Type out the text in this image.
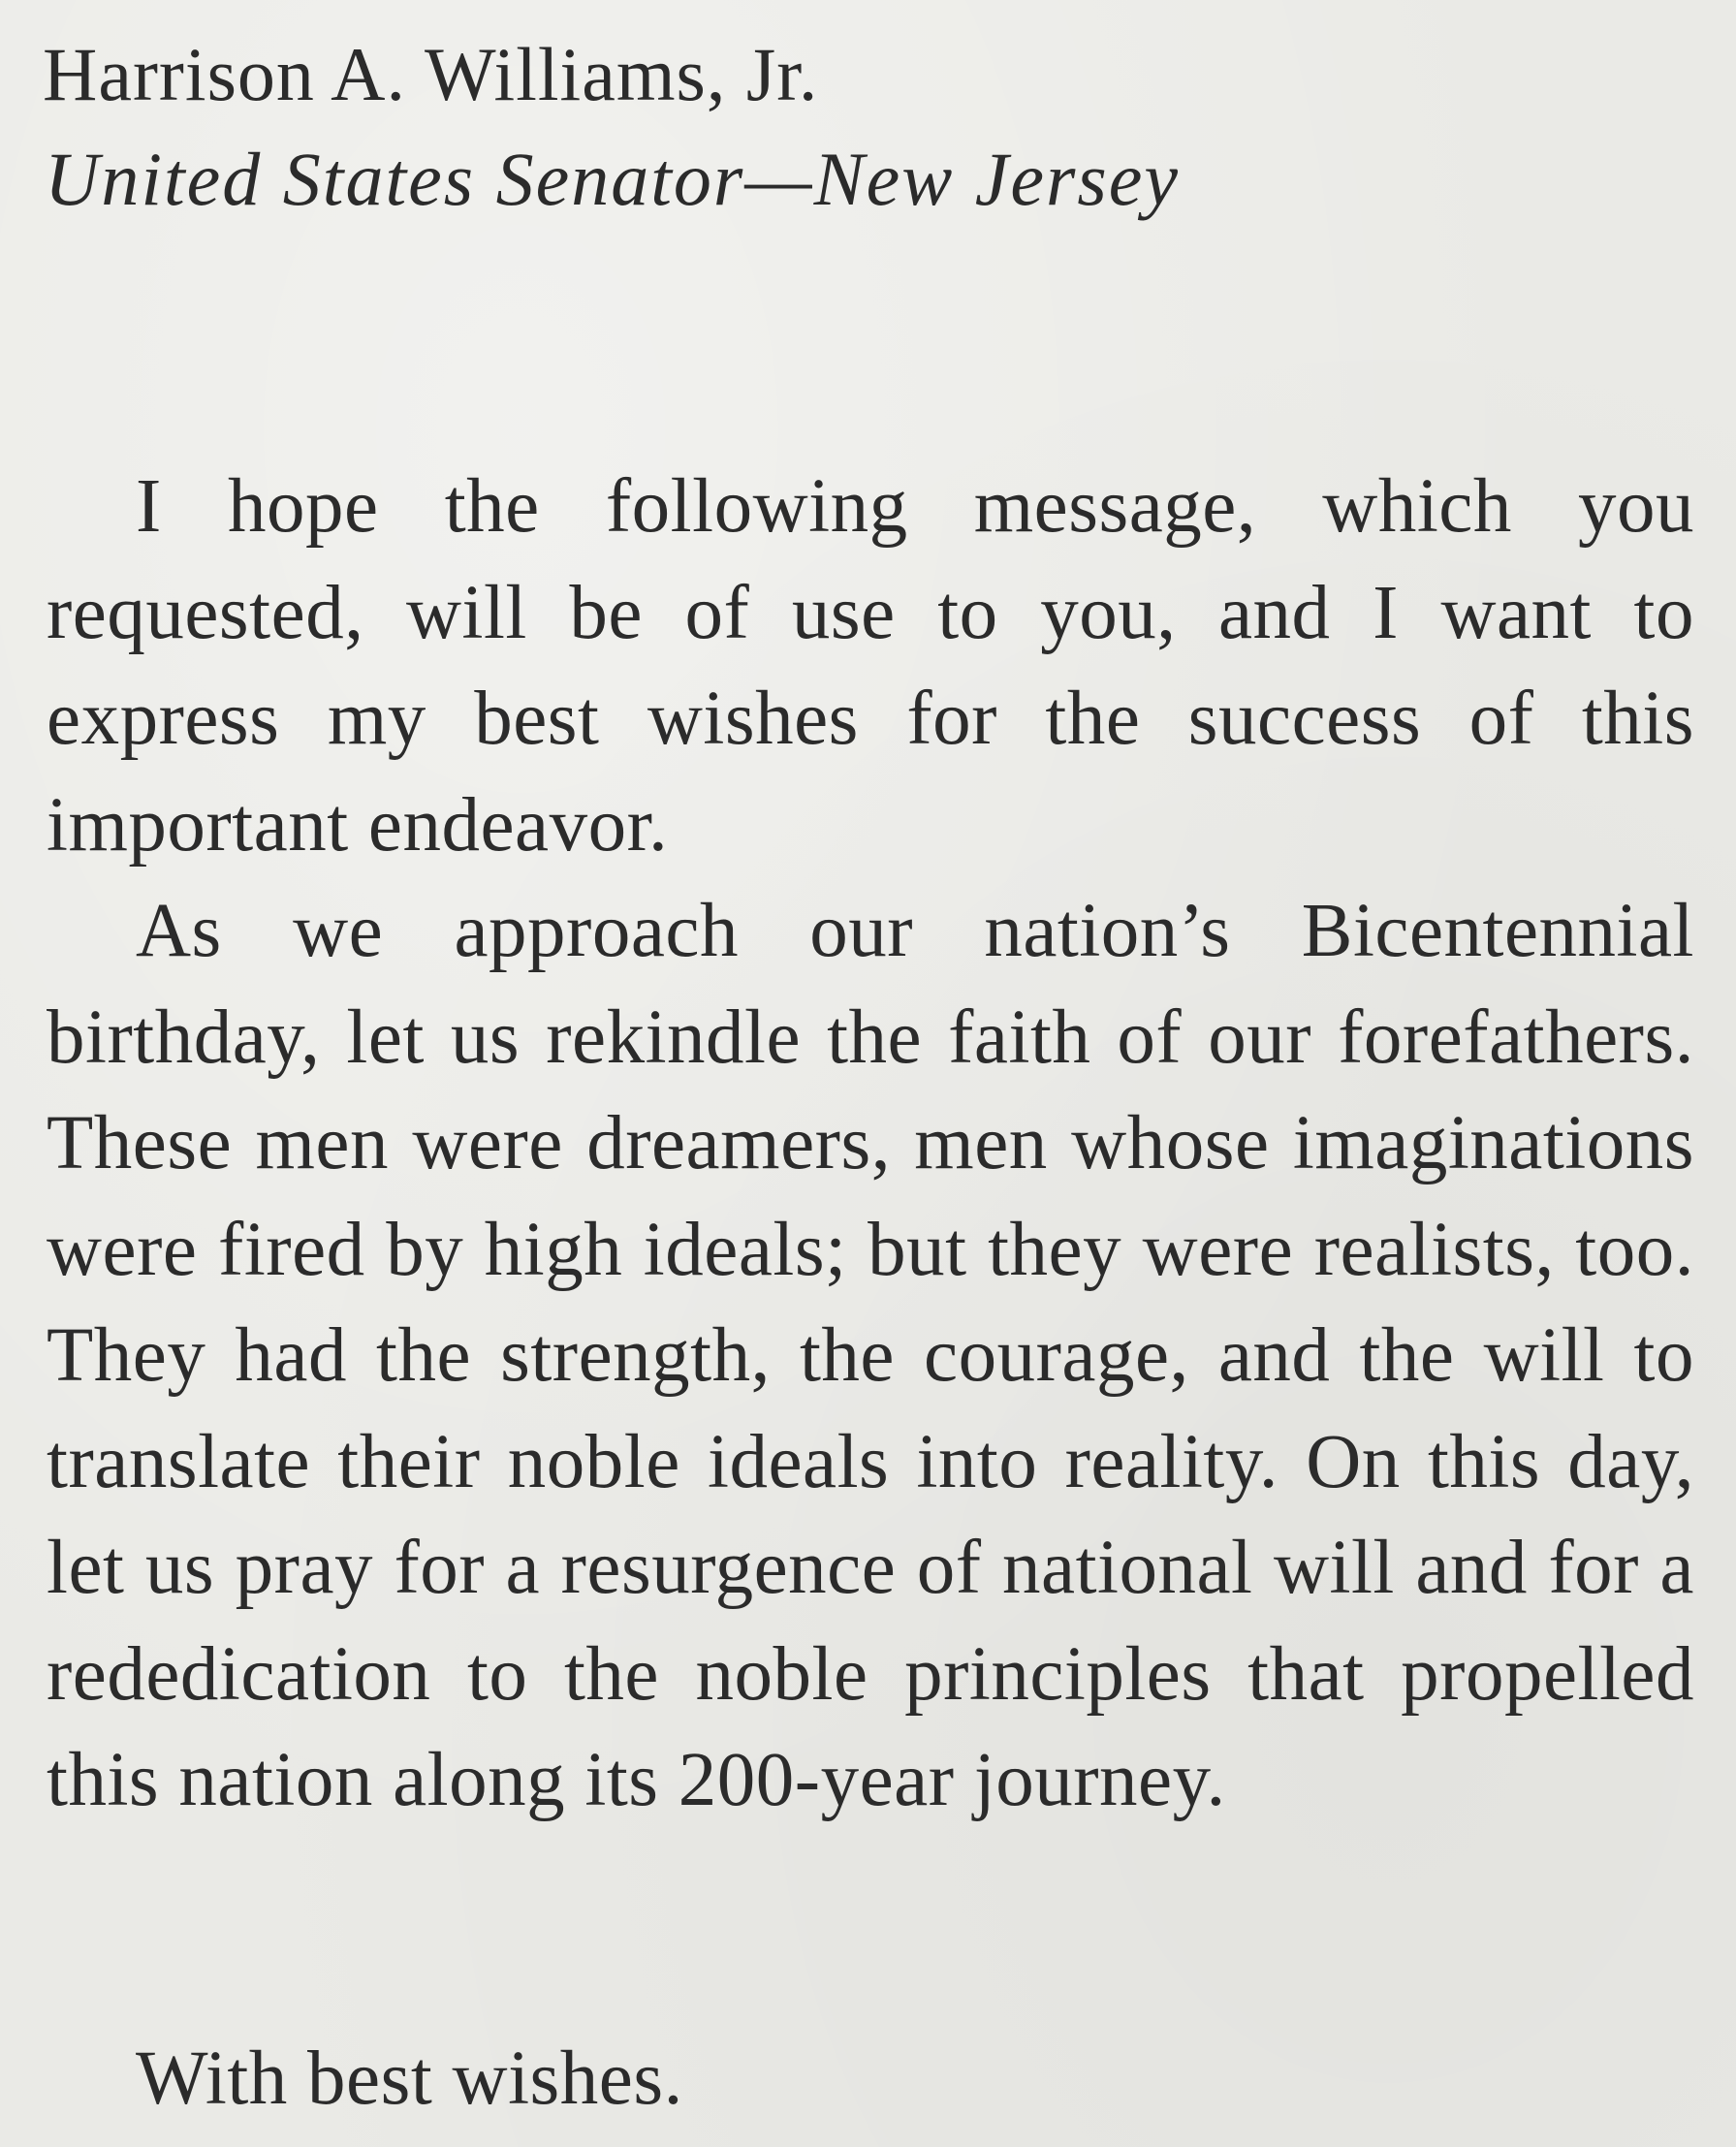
Harrison A. Williams, Jr.
United States Senator—New Jersey

I hope the following message, which you requested, will be of use to you, and I want to express my best wishes for the success of this important endeavor.

As we approach our nation’s Bicentennial birthday, let us rekindle the faith of our forefathers. These men were dreamers, men whose imaginations were fired by high ideals; but they were realists, too. They had the strength, the courage, and the will to translate their noble ideals into reality. On this day, let us pray for a resurgence of national will and for a rededication to the noble principles that propelled this nation along its 200-year journey.

With best wishes.
